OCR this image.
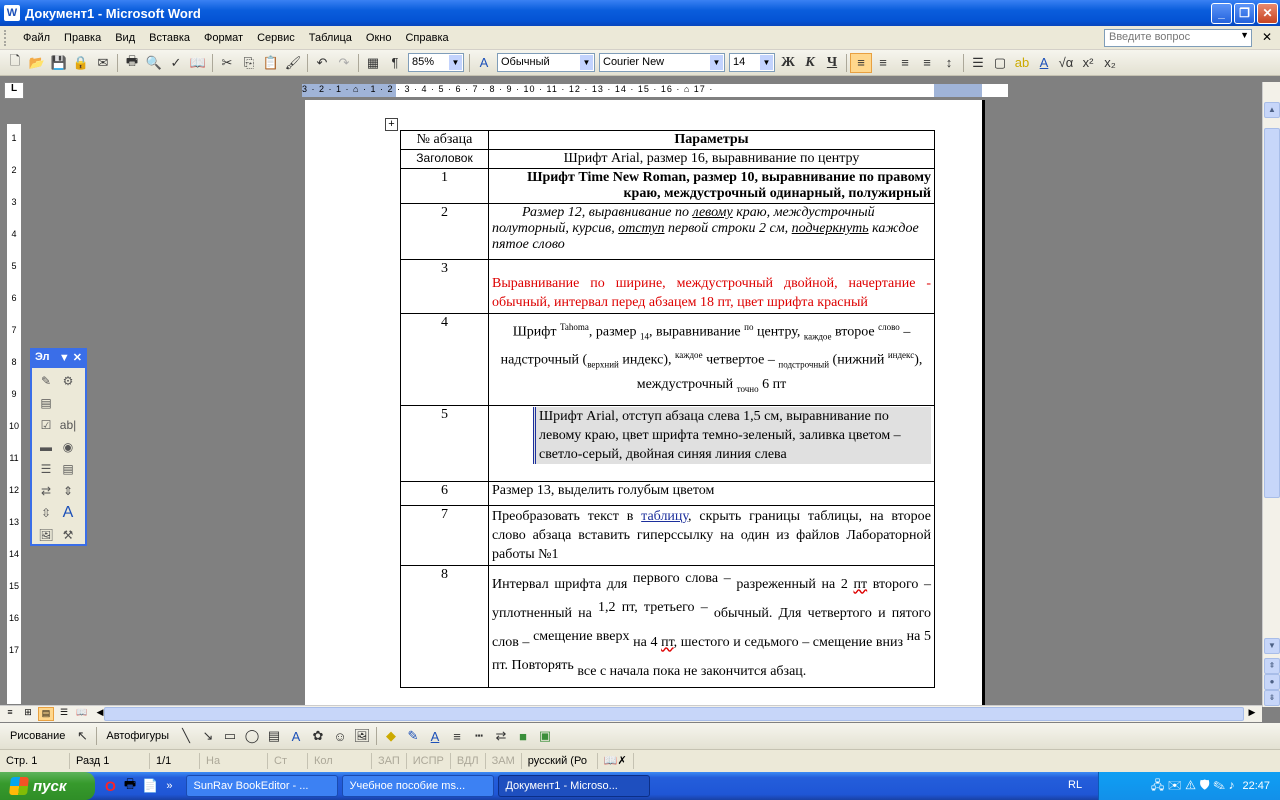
W Документ1 - Microsoft Word	_	❐	✕
Файл	Правка	Вид	Вставка	Формат	Сервис	Таблица	Окно	Справка	Введите вопрос	▼ ✕
🗋 📂 💾 🔒 ✉	🖶 🔍 ✓ 📖	✂ ⎘ 📋 🖌	↶ ↷	▦ ¶	85%	▼	A	Обычный	▼	Courier New	▼	14	▼ Ж К Ч	≡	≡	≡	≡	↕	☰ ▢ ab A √α x² x₂
L	3 · 2 · 1 · ⌂ · 1 · 2 · 3 · 4 · 5 · 6 · 7 · 8 · 9 · 10 · 11 · 12 · 13 · 14 · 15 · 16 · ⌂ 17 ·
1
2
3
4
5
6
7
8
9
10
11
12
13
14
15
16
17
+
№ абзаца	Параметры
Заголовок	Шрифт Arial, размер 16, выравнивание по центру
1	Шрифт Time New Roman, размер 10, выравнивание по правому краю, междустрочный одинарный, полужирный
2	Размер 12, выравнивание по левому краю, междустрочный полуторный, курсив, отступ первой строки 2 см, подчеркнуть каждое пятое слово
3	Выравнивание по ширине, междустрочный двойной, начертание - обычный, интервал перед абзацем 18 пт, цвет шрифта красный
4	Шрифт $^{Tahoma}$, размер $_{14}$, выравнивание $^{по}$ центру, $_{каждое}$ второе $^{слово}$ – надстрочный ($_{верхний}$ индекс), $^{каждое}$ четвертое – $_{подстрочный}$ (нижний $^{индекс}$), междустрочный $_{точно}$ 6 пт
5	Шрифт Arial, отступ абзаца слева 1,5 см, выравнивание по левому краю, цвет шрифта темно-зеленый, заливка цветом – светло-серый, двойная синяя линия слева

6	Размер 13, выделить голубым цветом
7	Преобразовать текст в таблицу, скрыть границы таблицы, на второе слово абзаца вставить гиперссылку на один из файлов Лабораторной работы №1
8	Интервал шрифта для первого слова – разреженный на 2 пт второго – уплотненный на 1,2 пт, третьего – обычный. Для четвертого и пятого слов – смещение вверх на 4 пт, шестого и седьмого – смещение вниз на 5 пт. Повторять все с начала пока не закончится абзац.
Эл ▼ ✕
✎ ⚙
▤
☑ ab|
▬ ◉
☰ ▤
⇄ ⇕
⇳ A
🖼 ⚒
▲
▼
⇞
●
⇟
≡	⊞	▤	☰ 📖 ◀	▶
Рисование ↖	Автофигуры	╲ ↘ ▭ ◯ ▤ A ✿ ☺ 🖼	◆ ✎ A	≡	┅ ⇄ ■ ▣
Стр. 1	Разд 1	1/1	На	Ст	Кол	ЗАП	ИСПР	ВДЛ	ЗАМ	русский (Ро	📖✗
пуск	O 🖶 📄 »	SunRav BookEditor - ...	Учебное пособие ms...	Документ1 - Microso...	RL	🖧 ✉ ⚠ 🛡 ✎ ♪ 22:47
